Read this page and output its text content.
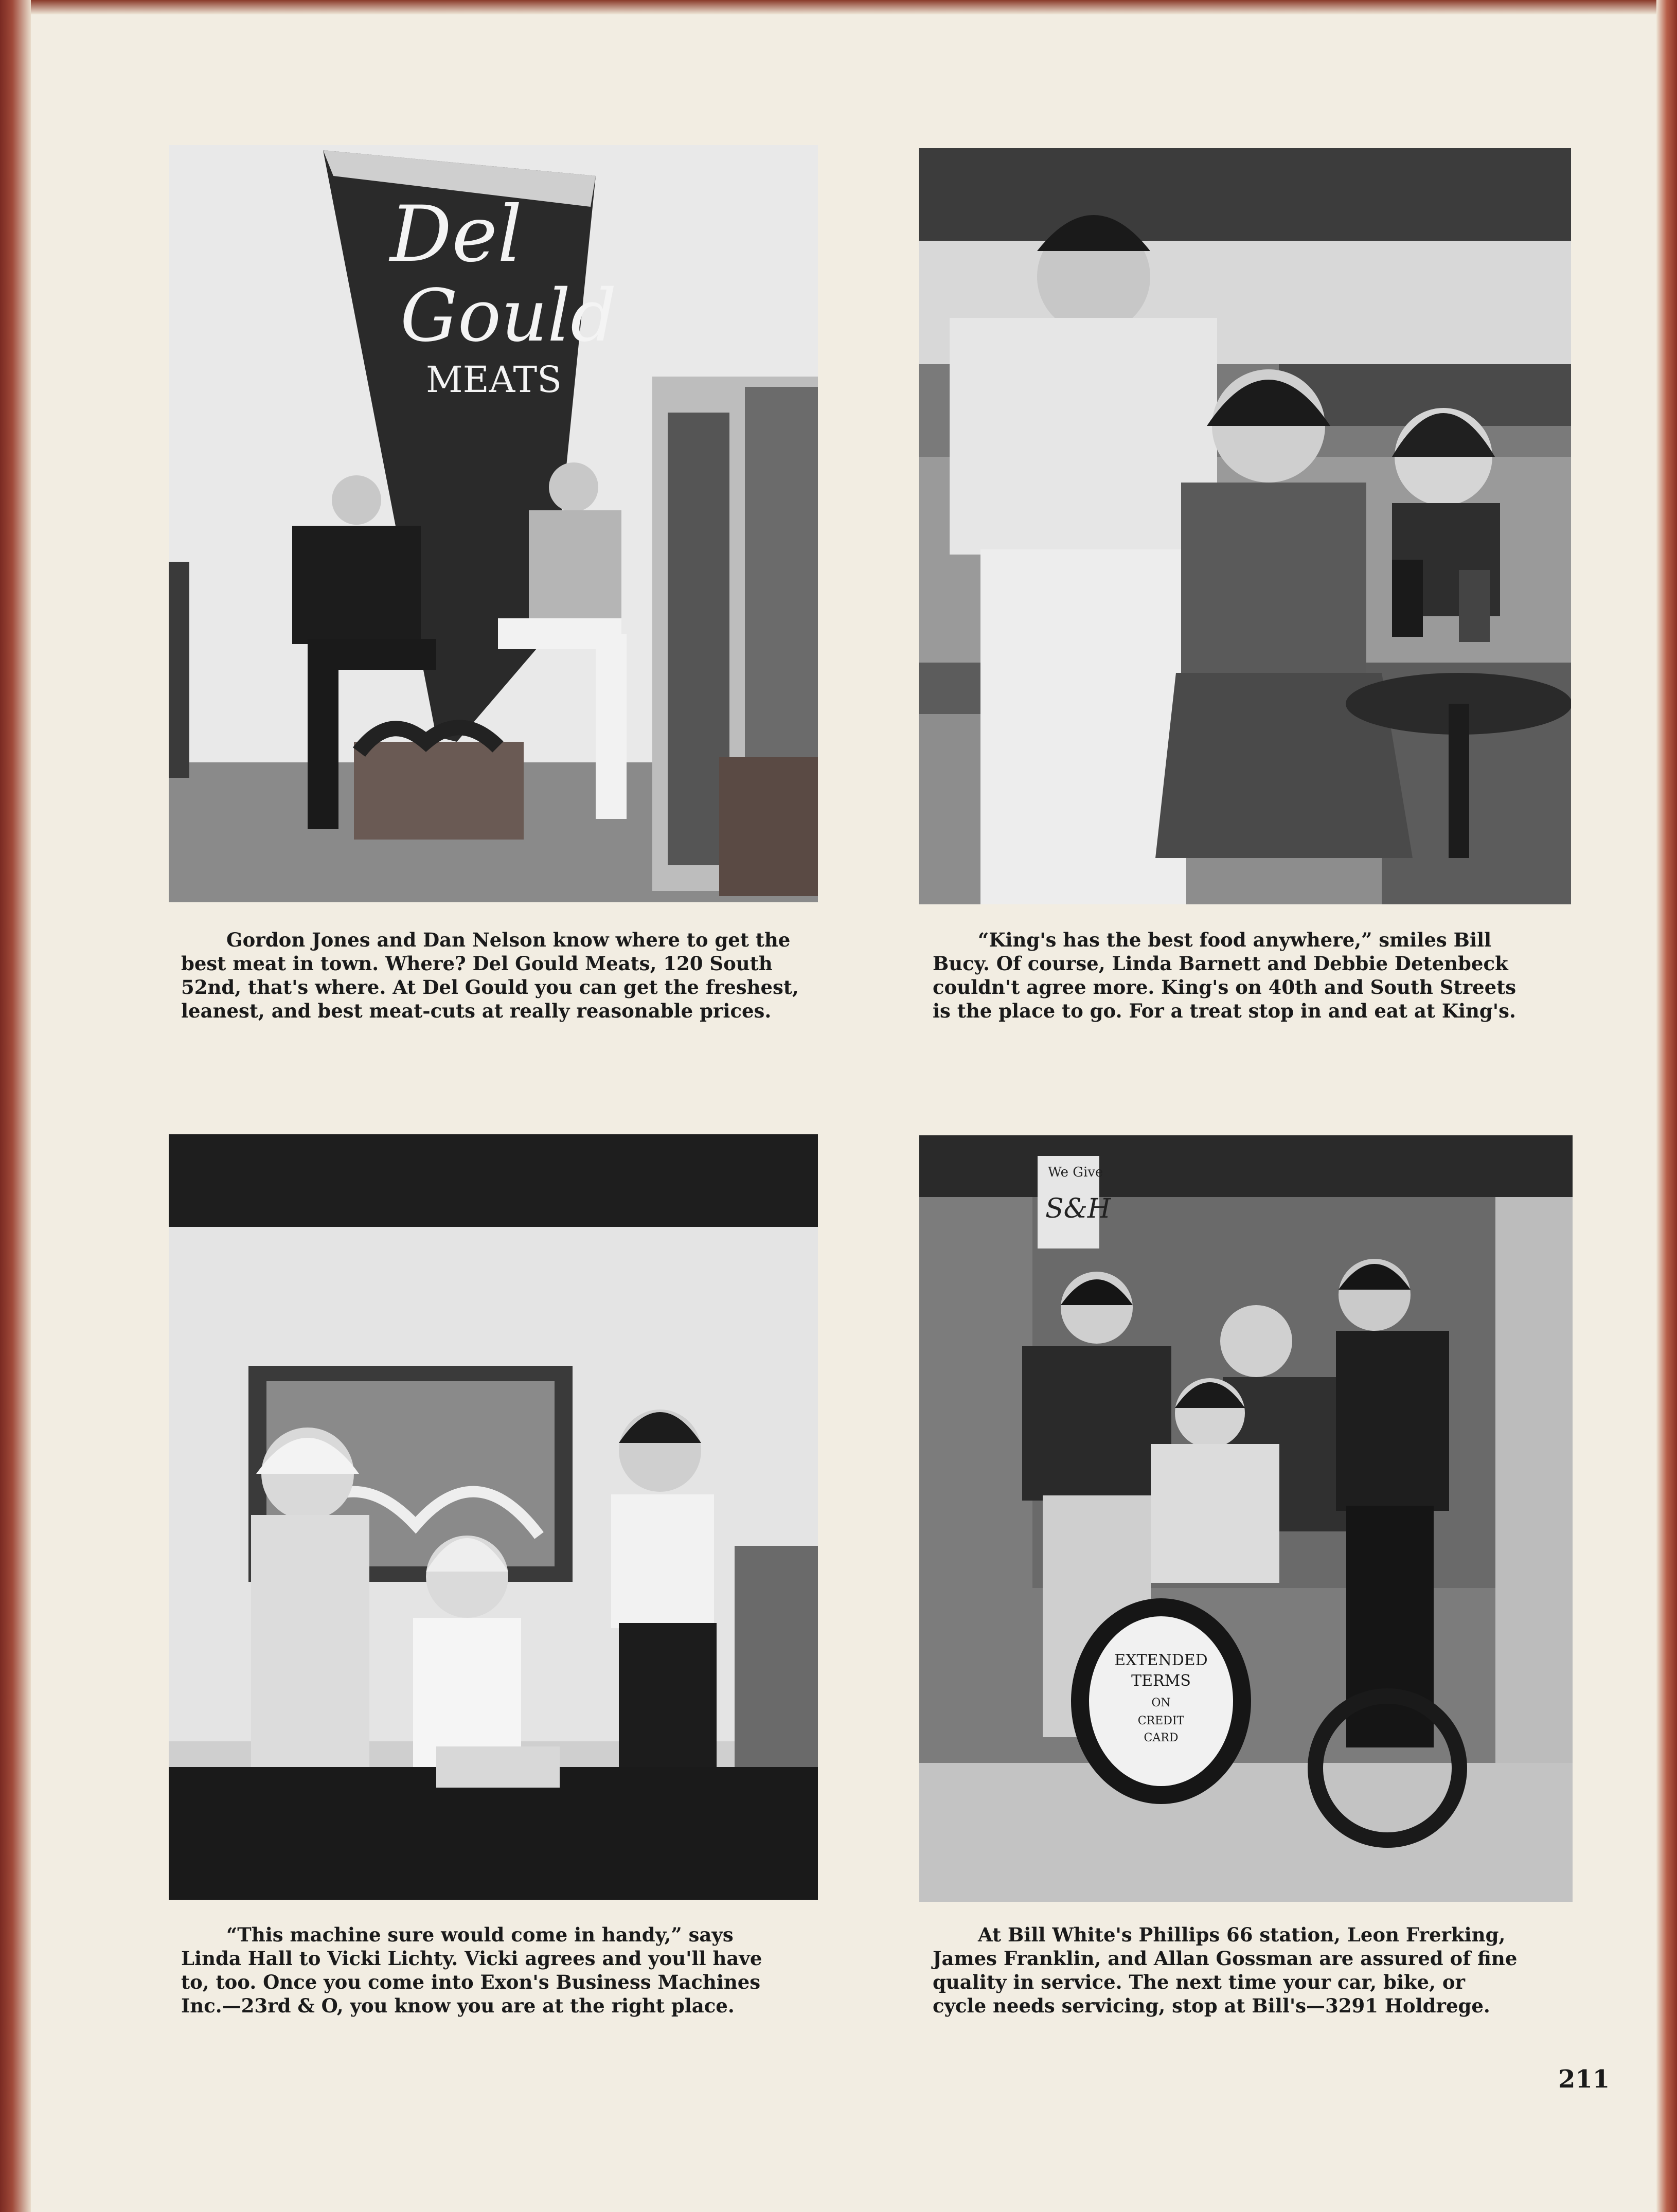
Del
Gould
MEATS
We Give
S&H
EXTENDED
TERMS
ON
CREDIT
CARD
Gordon Jones and Dan Nelson know where to get the
best meat in town. Where? Del Gould Meats, 120 South
52nd, that's where. At Del Gould you can get the freshest,
leanest, and best meat-cuts at really reasonable prices.
“King's has the best food anywhere,” smiles Bill
Bucy. Of course, Linda Barnett and Debbie Detenbeck
couldn't agree more. King's on 40th and South Streets
is the place to go. For a treat stop in and eat at King's.
“This machine sure would come in handy,” says
Linda Hall to Vicki Lichty. Vicki agrees and you'll have
to, too. Once you come into Exon's Business Machines
Inc.—23rd & O, you know you are at the right place.
At Bill White's Phillips 66 station, Leon Frerking,
James Franklin, and Allan Gossman are assured of fine
quality in service. The next time your car, bike, or
cycle needs servicing, stop at Bill's—3291 Holdrege.
211
